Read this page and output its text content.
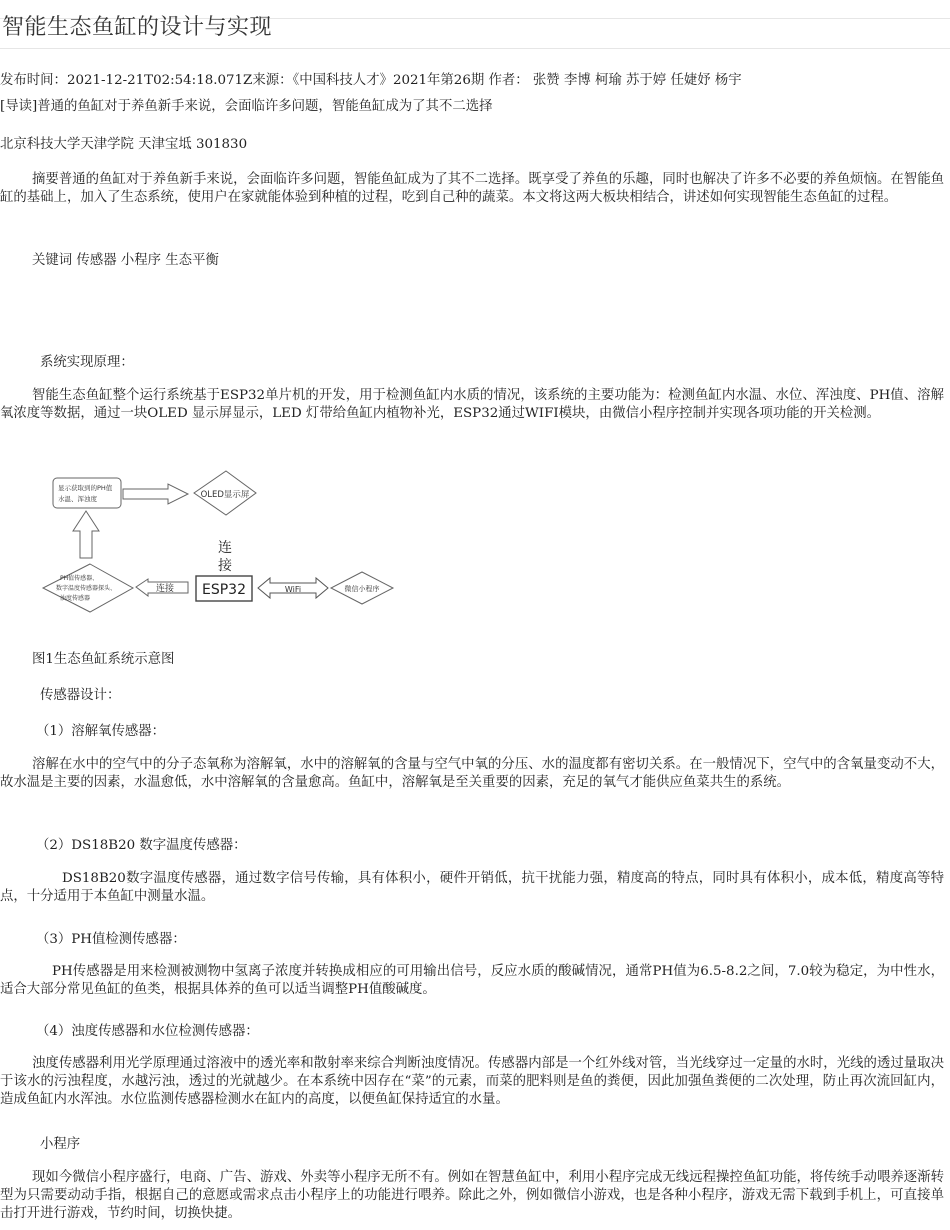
智能生态鱼缸的设计与实现
发布时间：2021-12-21T02:54:18.071Z来源：《中国科技人才》2021年第26期 作者： 张赞 李博 柯瑜 苏于婷 任婕妤 杨宇
[导读]普通的鱼缸对于养鱼新手来说，会面临许多问题，智能鱼缸成为了其不二选择
北京科技大学天津学院 天津宝坻 301830

摘要普通的鱼缸对于养鱼新手来说，会面临许多问题，智能鱼缸成为了其不二选择。既享受了养鱼的乐趣，同时也解决了许多不必要的养鱼烦恼。在智能鱼缸的基础上，加入了生态系统，使用户在家就能体验到种植的过程，吃到自己种的蔬菜。本文将这两大板块相结合，讲述如何实现智能生态鱼缸的过程。

关键词 传感器 小程序 生态平衡
系统实现原理：

智能生态鱼缸整个运行系统基于ESP32单片机的开发，用于检测鱼缸内水质的情况，该系统的主要功能为：检测鱼缸内水温、水位、浑浊度、PH值、溶解氧浓度等数据，通过一块OLED 显示屏显示，LED 灯带给鱼缸内植物补光，ESP32通过WIFI模块，由微信小程序控制并实现各项功能的开关检测。

显示获取到的PH值
水温、浑浊度	OLED显示屏
连
接
PH值传感器、
数字温度传感器探头、
浊度传感器
连接 ESP32	WiFi	微信小程序
图1生态鱼缸系统示意图
传感器设计：
（1）溶解氧传感器：

溶解在水中的空气中的分子态氧称为溶解氧，水中的溶解氧的含量与空气中氧的分压、水的温度都有密切关系。在一般情况下，空气中的含氧量变动不大，故水温是主要的因素，水温愈低，水中溶解氧的含量愈高。鱼缸中，溶解氧是至关重要的因素，充足的氧气才能供应鱼菜共生的系统。

（2）DS18B20 数字温度传感器：

DS18B20数字温度传感器，通过数字信号传输，具有体积小，硬件开销低，抗干扰能力强，精度高的特点，同时具有体积小，成本低，精度高等特点，十分适用于本鱼缸中测量水温。

（3）PH值检测传感器：

PH传感器是用来检测被测物中氢离子浓度并转换成相应的可用输出信号，反应水质的酸碱情况，通常PH值为6.5-8.2之间，7.0较为稳定，为中性水，适合大部分常见鱼缸的鱼类，根据具体养的鱼可以适当调整PH值酸碱度。

（4）浊度传感器和水位检测传感器：

浊度传感器利用光学原理通过溶液中的透光率和散射率来综合判断浊度情况。传感器内部是一个红外线对管，当光线穿过一定量的水时，光线的透过量取决于该水的污浊程度，水越污浊，透过的光就越少。在本系统中因存在“菜”的元素，而菜的肥料则是鱼的粪便，因此加强鱼粪便的二次处理，防止再次流回缸内，造成鱼缸内水浑浊。水位监测传感器检测水在缸内的高度，以便鱼缸保持适宜的水量。

小程序

现如今微信小程序盛行，电商、广告、游戏、外卖等小程序无所不有。例如在智慧鱼缸中，利用小程序完成无线远程操控鱼缸功能，将传统手动喂养逐渐转型为只需要动动手指，根据自己的意愿或需求点击小程序上的功能进行喂养。除此之外，例如微信小游戏，也是各种小程序，游戏无需下载到手机上，可直接单击打开进行游戏，节约时间，切换快捷。
